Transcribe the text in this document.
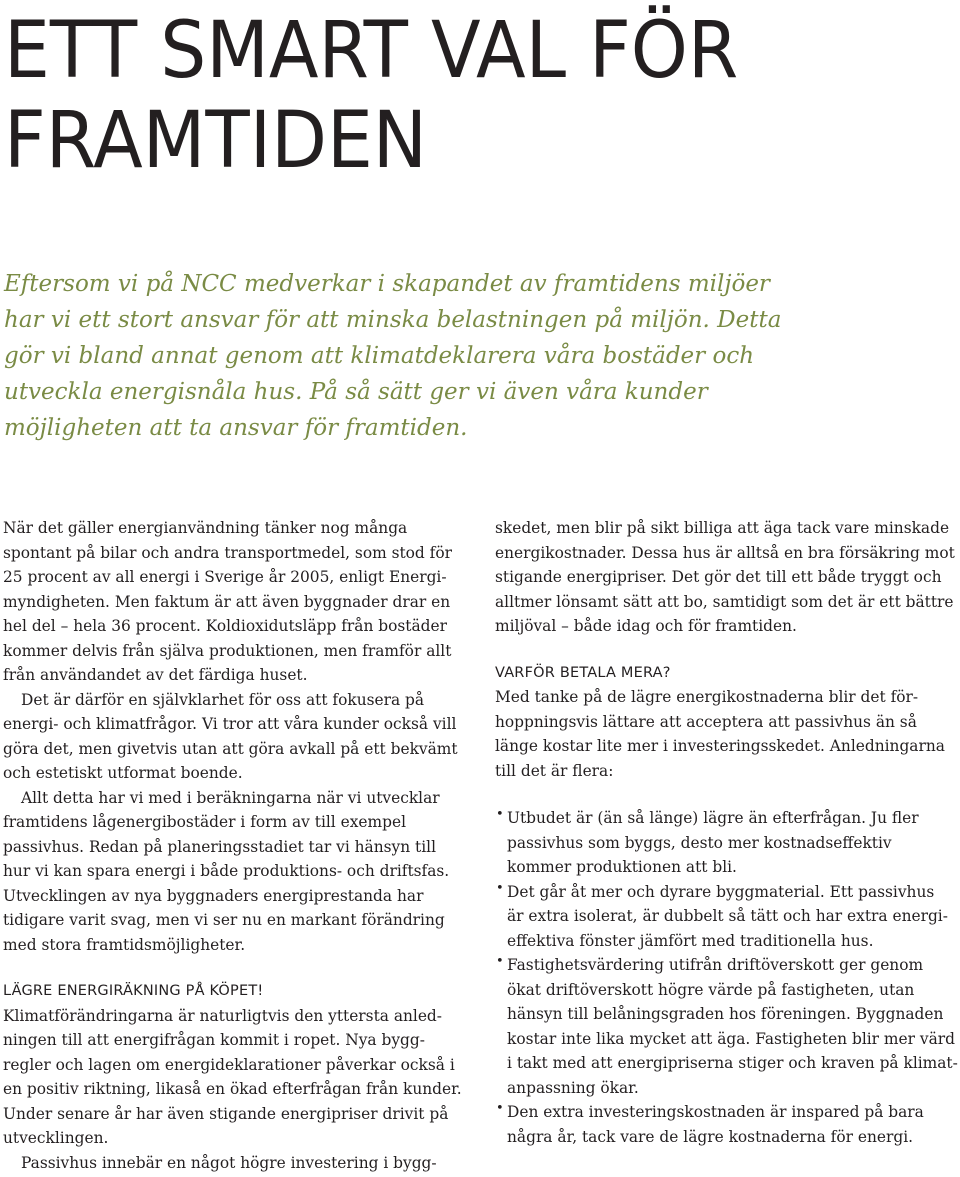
ETT SMART VAL FÖR
FRAMTIDEN

Eftersom vi på NCC medverkar i skapandet av framtidens miljöer
har vi ett stort ansvar för att minska belastningen på miljön. Detta
gör vi bland annat genom att klimatdeklarera våra bostäder och
utveckla energisnåla hus. På så sätt ger vi även våra kunder
möjligheten att ta ansvar för framtiden.

När det gäller energianvändning tänker nog många
spontant på bilar och andra transportmedel, som stod för
25 procent av all energi i Sverige år 2005, enligt Energi-
myndigheten. Men faktum är att även byggnader drar en
hel del – hela 36 procent. Koldioxidutsläpp från bostäder
kommer delvis från själva produktionen, men framför allt
från användandet av det färdiga huset.
Det är därför en självklarhet för oss att fokusera på
energi- och klimatfrågor. Vi tror att våra kunder också vill
göra det, men givetvis utan att göra avkall på ett bekvämt
och estetiskt utformat boende.
Allt detta har vi med i beräkningarna när vi utvecklar
framtidens lågenergibostäder i form av till exempel
passivhus. Redan på planeringsstadiet tar vi hänsyn till
hur vi kan spara energi i både produktions- och driftsfas.
Utvecklingen av nya byggnaders energiprestanda har
tidigare varit svag, men vi ser nu en markant förändring
med stora framtidsmöjligheter.
LÄGRE ENERGIRÄKNING PÅ KÖPET!
Klimatförändringarna är naturligtvis den yttersta anled-
ningen till att energifrågan kommit i ropet. Nya bygg-
regler och lagen om energideklarationer påverkar också i
en positiv riktning, likaså en ökad efterfrågan från kunder.
Under senare år har även stigande energipriser drivit på
utvecklingen.
Passivhus innebär en något högre investering i bygg-
skedet, men blir på sikt billiga att äga tack vare minskade
energikostnader. Dessa hus är alltså en bra försäkring mot
stigande energipriser. Det gör det till ett både tryggt och
alltmer lönsamt sätt att bo, samtidigt som det är ett bättre
miljöval – både idag och för framtiden.
VARFÖR BETALA MERA?
Med tanke på de lägre energikostnaderna blir det för-
hoppningsvis lättare att acceptera att passivhus än så
länge kostar lite mer i investeringsskedet. Anledningarna
till det är flera:
• Utbudet är (än så länge) lägre än efterfrågan. Ju fler
passivhus som byggs, desto mer kostnadseffektiv
kommer produktionen att bli.
• Det går åt mer och dyrare byggmaterial. Ett passivhus
är extra isolerat, är dubbelt så tätt och har extra energi-
effektiva fönster jämfört med traditionella hus.
• Fastighetsvärdering utifrån driftöverskott ger genom
ökat driftöverskott högre värde på fastigheten, utan
hänsyn till belåningsgraden hos föreningen. Byggnaden
kostar inte lika mycket att äga. Fastigheten blir mer värd
i takt med att energipriserna stiger och kraven på klimat-
anpassning ökar.
• Den extra investeringskostnaden är inspared på bara
några år, tack vare de lägre kostnaderna för energi.
